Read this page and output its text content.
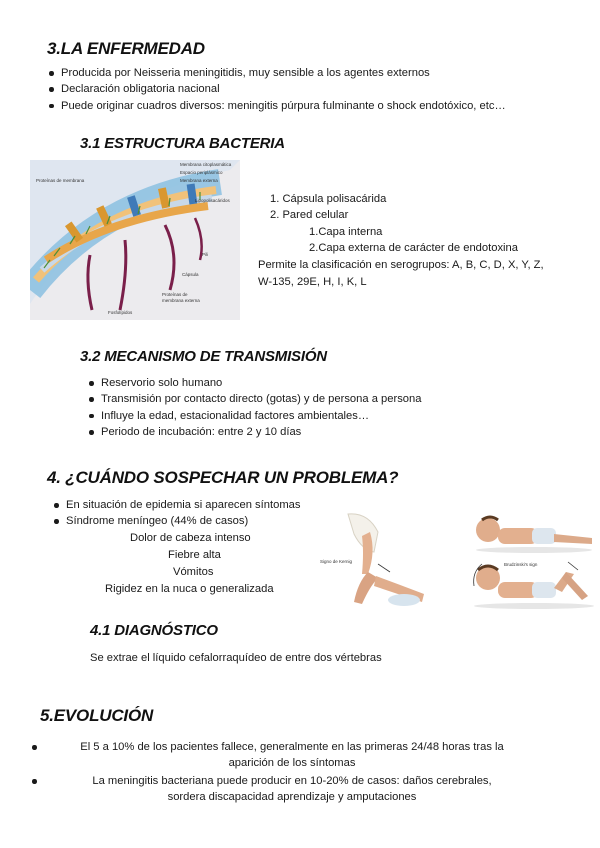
3.LA ENFERMEDAD
Producida por Neisseria meningitidis, muy sensible a los agentes externos
Declaración obligatoria nacional
Puede originar cuadros diversos: meningitis púrpura fulminante o shock endotóxico, etc…
3.1 ESTRUCTURA BACTERIA
Membrana citoplasmática
Espacio periplásmico
Membrana externa
Lipopolisacáridos
Proteínas de membrana
Cápsula
Pili
Proteínas de membrana externa
Fosfolípidos
1. Cápsula polisacárida
2. Pared celular
1.Capa interna
2.Capa externa de carácter de endotoxina
Permite la clasificación en serogrupos: A, B, C, D, X, Y, Z,
W-135, 29E, H, I, K, L
3.2 MECANISMO DE TRANSMISIÓN
Reservorio solo humano
Transmisión por contacto directo (gotas) y de persona a persona
Influye la edad, estacionalidad factores ambientales…
Periodo de incubación: entre 2 y 10 días
4. ¿CUÁNDO SOSPECHAR UN PROBLEMA?
En situación de epidemia si aparecen síntomas
Síndrome meníngeo (44% de casos)
Dolor de cabeza intenso
Fiebre alta
Vómitos
Rigidez en la nuca o generalizada
Signo de Kernig
Brudzinski's sign
4.1 DIAGNÓSTICO
Se extrae el líquido cefalorraquídeo de entre dos vértebras
5.EVOLUCIÓN
El 5 a 10% de los pacientes fallece, generalmente en las primeras 24/48 horas tras la
aparición de los síntomas
La meningitis bacteriana puede producir en 10-20% de casos: daños cerebrales,
sordera discapacidad aprendizaje y amputaciones
